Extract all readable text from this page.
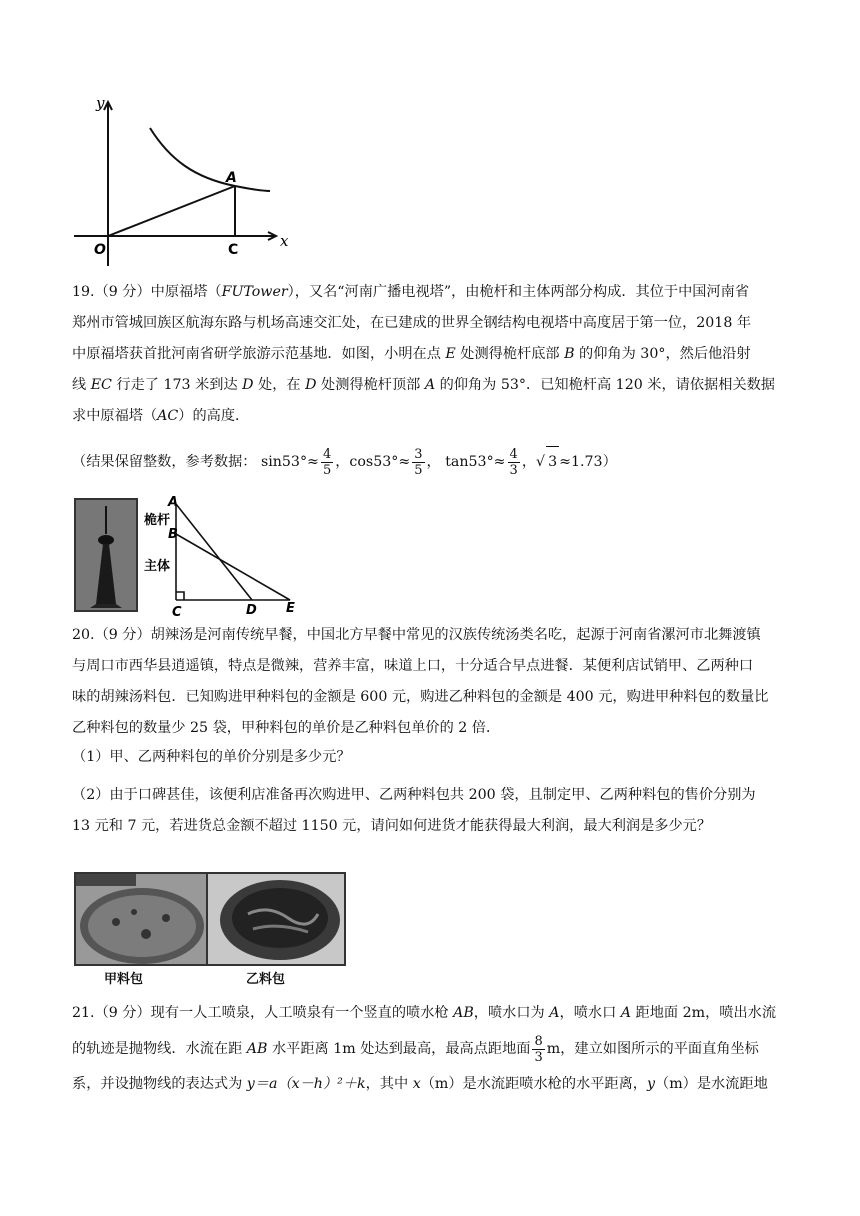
y
x
O
A
C
19.（9 分）中原福塔（FUTower），又名“河南广播电视塔”，由桅杆和主体两部分构成．其位于中国河南省
郑州市管城回族区航海东路与机场高速交汇处，在已建成的世界全钢结构电视塔中高度居于第一位，2018 年
中原福塔获首批河南省研学旅游示范基地．如图，小明在点 E 处测得桅杆底部 B 的仰角为 30°，然后他沿射
线 EC 行走了 173 米到达 D 处，在 D 处测得桅杆顶部 A 的仰角为 53°．已知桅杆高 120 米，请依据相关数据
求中原福塔（AC）的高度．
（结果保留整数，参考数据： $\sin 53^\circ\approx \frac{4}{5}$ ，$\cos 53^\circ\approx \frac{3}{5}$ ， $\tan 53^\circ\approx \frac{4}{3}$ ，√ 3 ≈1.73）
A
B
C	D E
桅杆
主体
20.（9 分）胡辣汤是河南传统早餐，中国北方早餐中常见的汉族传统汤类名吃，起源于河南省漯河市北舞渡镇
与周口市西华县逍遥镇，特点是微辣，营养丰富，味道上口，十分适合早点进餐．某便利店试销甲、乙两种口
味的胡辣汤料包．已知购进甲种料包的金额是 600 元，购进乙种料包的金额是 400 元，购进甲种料包的数量比
乙种料包的数量少 25 袋，甲种料包的单价是乙种料包单价的 2 倍．
（1）甲、乙两种料包的单价分别是多少元？
（2）由于口碑甚佳，该便利店准备再次购进甲、乙两种料包共 200 袋，且制定甲、乙两种料包的售价分别为
13 元和 7 元，若进货总金额不超过 1150 元，请问如何进货才能获得最大利润，最大利润是多少元？
甲料包	乙料包
21.（9 分）现有一人工喷泉，人工喷泉有一个竖直的喷水枪 AB，喷水口为 A，喷水口 A 距地面 2m，喷出水流
的轨迹是抛物线．水流在距 AB 水平距离 1m 处达到最高，最高点距地面 $\frac{8}{3}$ m，建立如图所示的平面直角坐标
系，并设抛物线的表达式为 y＝a（x－h）²＋k，其中 x（m）是水流距喷水枪的水平距离，y（m）是水流距地
